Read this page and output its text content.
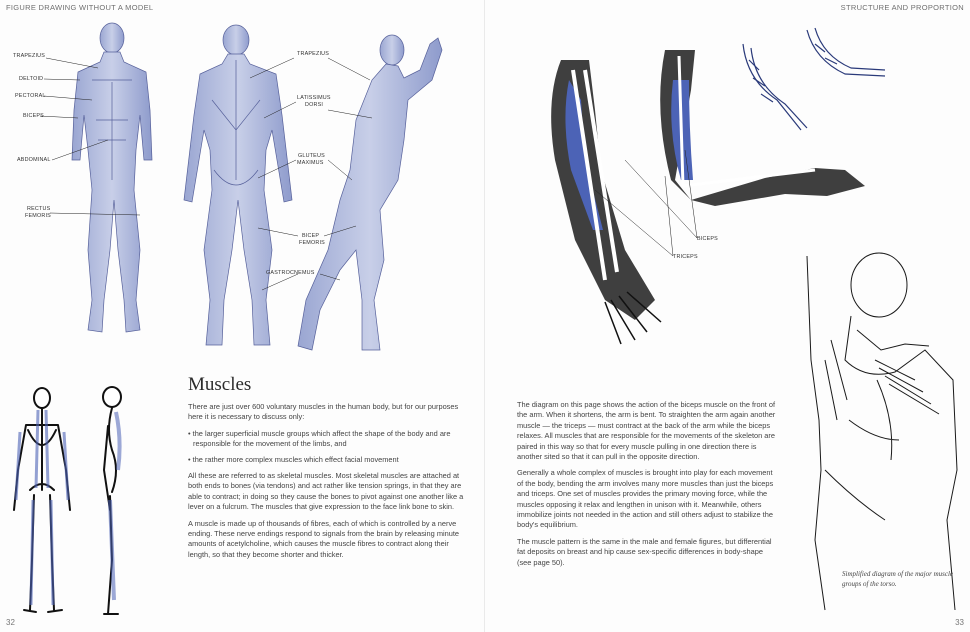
FIGURE DRAWING WITHOUT A MODEL
TRAPEZIUS
DELTOID
PECTORAL
BICEPS
ABDOMINAL
RECTUS
FEMORIS
TRAPEZIUS
LATISSIMUS
DORSI
GLUTEUS
MAXIMUS
BICEP
FEMORIS
GASTROCNEMUS
Muscles

There are just over 600 voluntary muscles in the human body, but for our purposes here it is necessary to discuss only:

• the larger superficial muscle groups which affect the shape of the body and are responsible for the movement of the limbs, and
• the rather more complex muscles which effect facial movement

All these are referred to as skeletal muscles. Most skeletal muscles are attached at both ends to bones (via tendons) and act rather like tension springs, in that they are able to contract; in doing so they cause the bones to pivot against one another like a lever on a fulcrum. The muscles that give expression to the face link bone to skin.

A muscle is made up of thousands of fibres, each of which is controlled by a nerve ending. These nerve endings respond to signals from the brain by releasing minute amounts of acetylcholine, which causes the muscle fibres to contract along their length, so that they become shorter and thicker.

32
STRUCTURE AND PROPORTION
BICEPS
TRICEPS

The diagram on this page shows the action of the biceps muscle on the front of the arm. When it shortens, the arm is bent. To straighten the arm again another muscle — the triceps — must contract at the back of the arm while the biceps relaxes. All muscles that are responsible for the movements of the skeleton are paired in this way so that for every muscle pulling in one direction there is another sited so that it can pull in the opposite direction.

Generally a whole complex of muscles is brought into play for each movement of the body, bending the arm involves many more muscles than just the biceps and triceps. One set of muscles provides the primary moving force, while the muscles opposing it relax and lengthen in unison with it. Meanwhile, others immobilize joints not needed in the action and still others adjust to stabilize the body's equilibrium.

The muscle pattern is the same in the male and female figures, but differential fat deposits on breast and hip cause sex-specific differences in body-shape (see page 50).

Simplified diagram of the major muscle groups of the torso.
33
